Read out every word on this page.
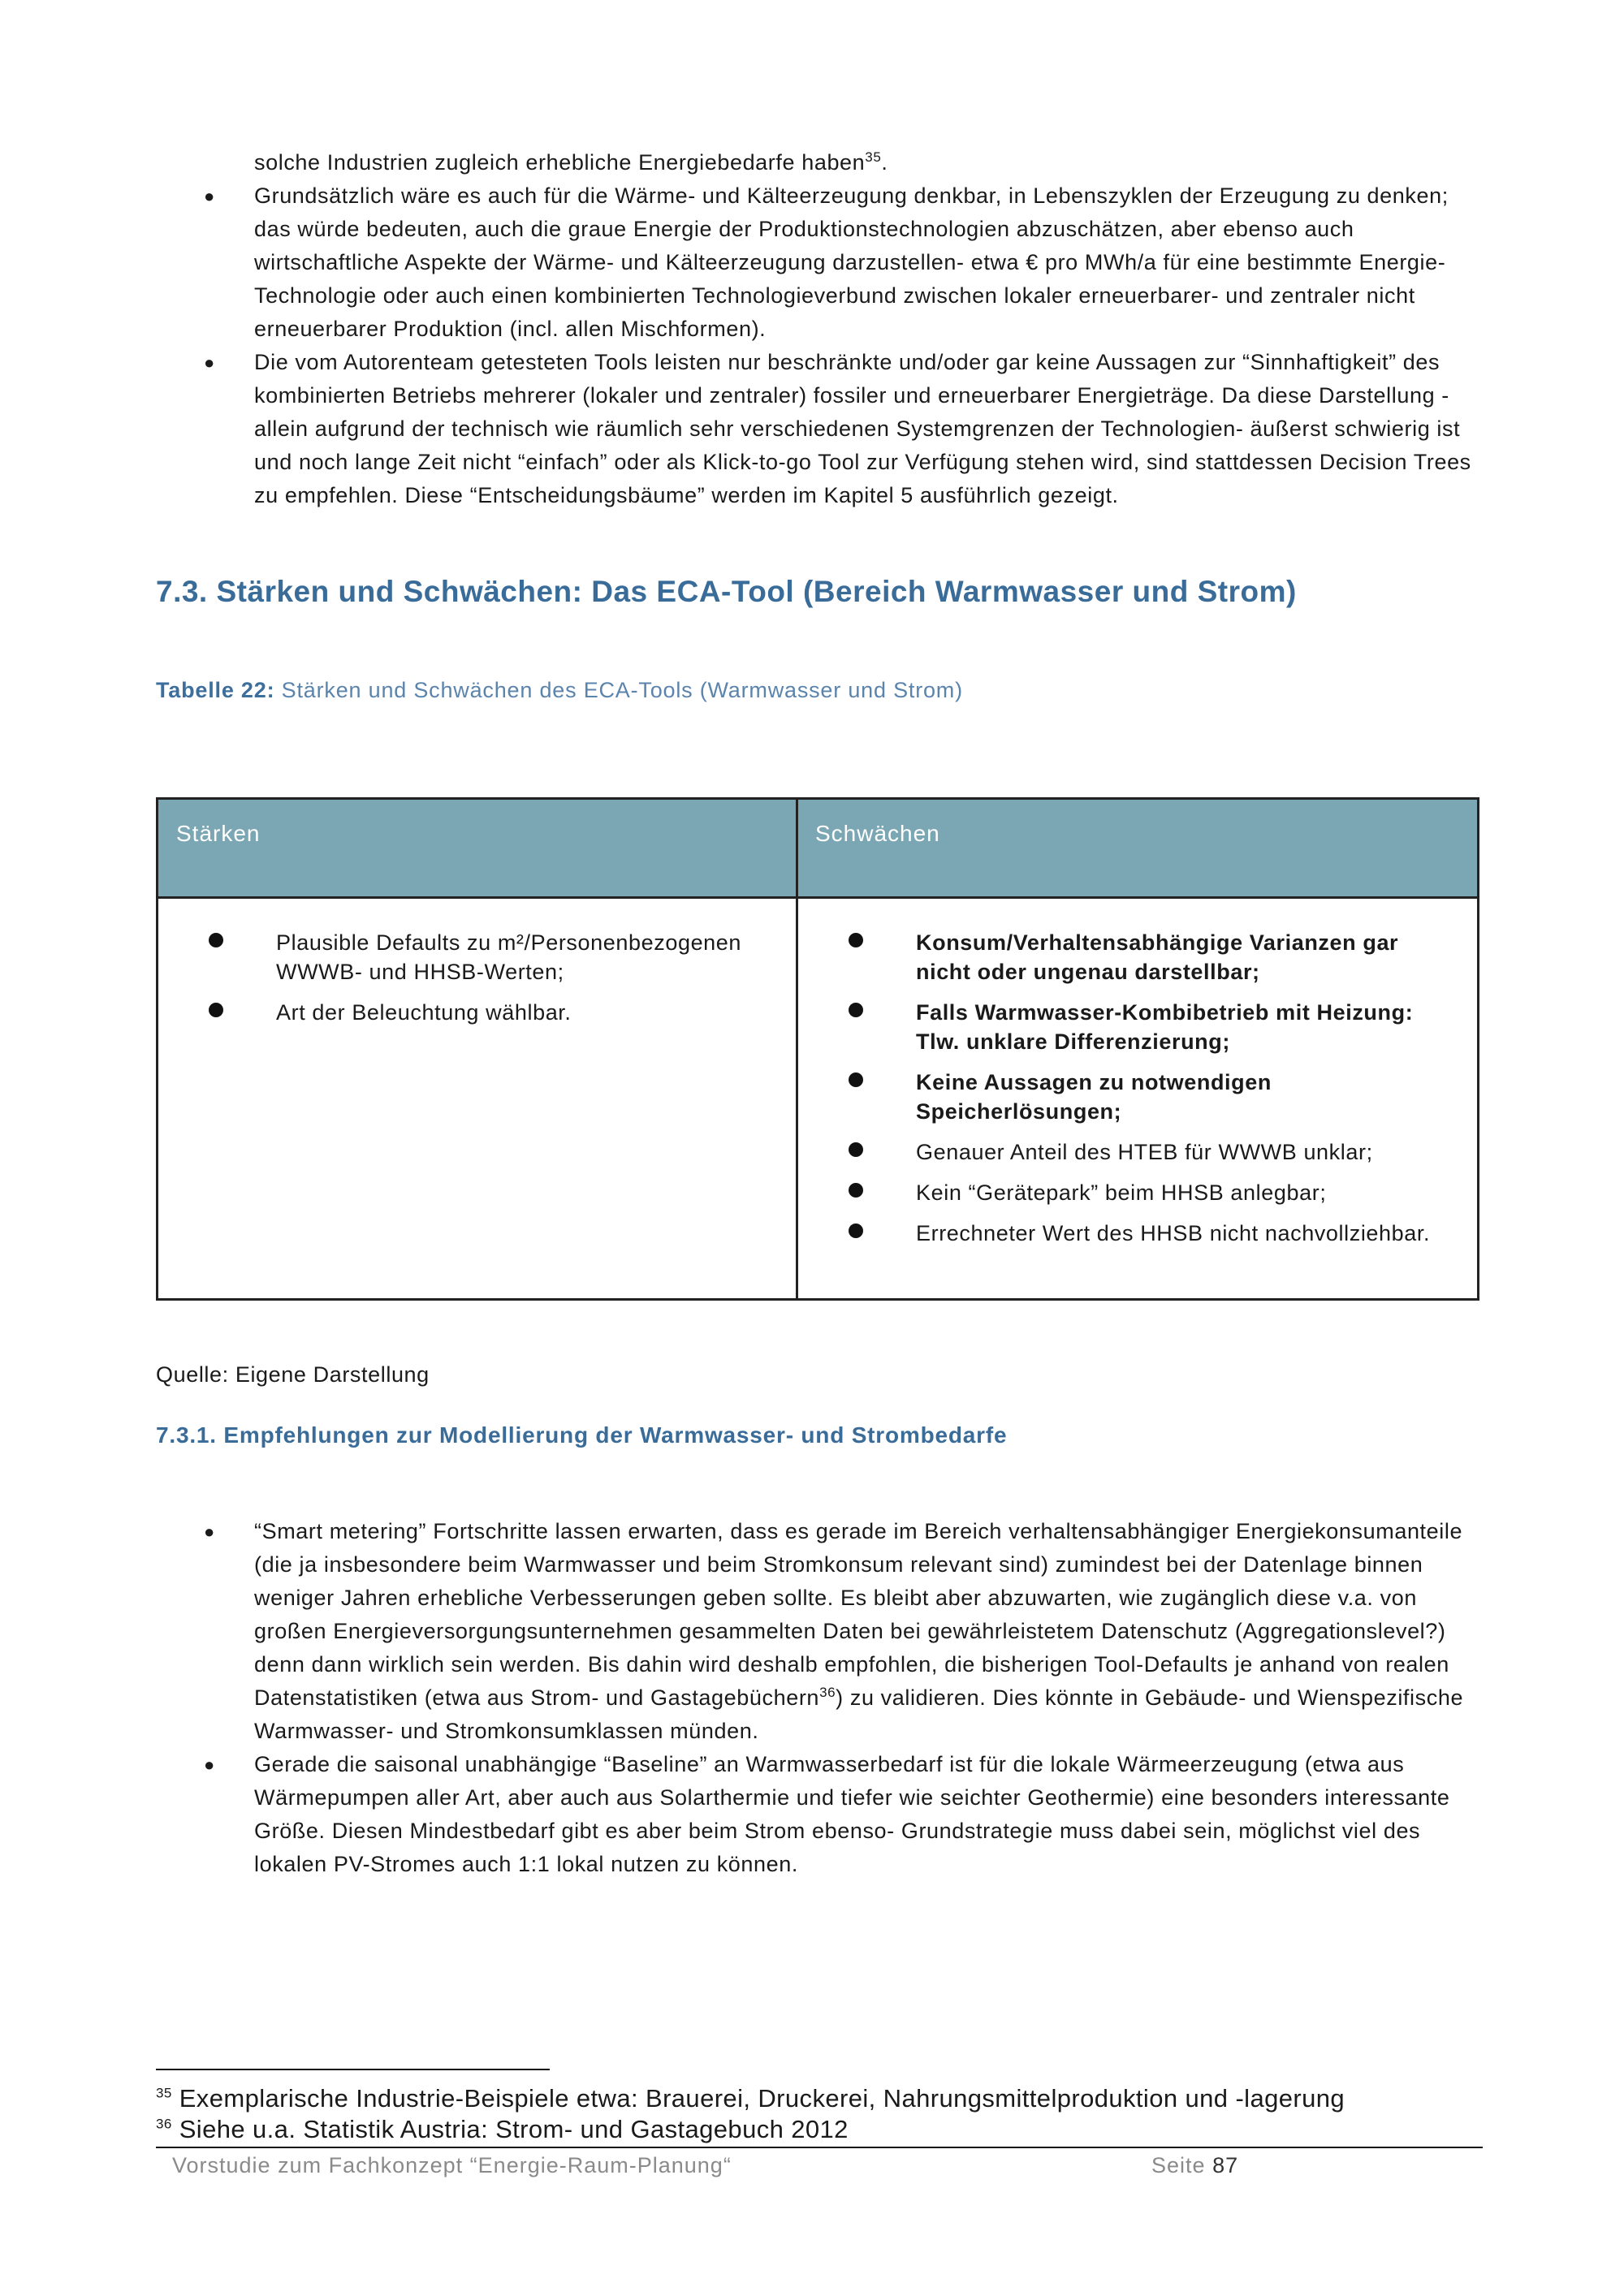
solche Industrien zugleich erhebliche Energiebedarfe haben$^{35}$.
● Grundsätzlich wäre es auch für die Wärme- und Kälteerzeugung denkbar, in Lebenszyklen der Erzeugung zu denken; das würde bedeuten, auch die graue Energie der Produktionstechnologien abzuschätzen, aber ebenso auch wirtschaftliche Aspekte der Wärme- und Kälteerzeugung darzustellen- etwa € pro MWh/a für eine bestimmte Energie-Technologie oder auch einen kombinierten Technologieverbund zwischen lokaler erneuerbarer- und zentraler nicht erneuerbarer Produktion (incl. allen Mischformen).
● Die vom Autorenteam getesteten Tools leisten nur beschränkte und/oder gar keine Aussagen zur “Sinnhaftigkeit” des kombinierten Betriebs mehrerer (lokaler und zentraler) fossiler und erneuerbarer Energieträge. Da diese Darstellung -allein aufgrund der technisch wie räumlich sehr verschiedenen Systemgrenzen der Technologien- äußerst schwierig ist und noch lange Zeit nicht “einfach” oder als Klick-to-go Tool zur Verfügung stehen wird, sind stattdessen Decision Trees zu empfehlen. Diese “Entscheidungsbäume” werden im Kapitel 5 ausführlich gezeigt.
7.3. Stärken und Schwächen: Das ECA-Tool (Bereich Warmwasser und Strom)
Tabelle 22: Stärken und Schwächen des ECA-Tools (Warmwasser und Strom)
Stärken	Schwächen
Plausible Defaults zu m²/Personenbezogenen WWWB- und HHSB-Werten;
Art der Beleuchtung wählbar.
Konsum/Verhaltensabhängige Varianzen gar nicht oder ungenau darstellbar;
Falls Warmwasser-Kombibetrieb mit Heizung: Tlw. unklare Differenzierung;
Keine Aussagen zu notwendigen Speicherlösungen;
Genauer Anteil des HTEB für WWWB unklar;
Kein “Gerätepark” beim HHSB anlegbar;
Errechneter Wert des HHSB nicht nachvollziehbar.
Quelle: Eigene Darstellung
7.3.1. Empfehlungen zur Modellierung der Warmwasser- und Strombedarfe
● “Smart metering” Fortschritte lassen erwarten, dass es gerade im Bereich verhaltensabhängiger Energiekonsumanteile (die ja insbesondere beim Warmwasser und beim Stromkonsum relevant sind) zumindest bei der Datenlage binnen weniger Jahren erhebliche Verbesserungen geben sollte. Es bleibt aber abzuwarten, wie zugänglich diese v.a. von großen Energieversorgungsunternehmen gesammelten Daten bei gewährleistetem Datenschutz (Aggregationslevel?) denn dann wirklich sein werden. Bis dahin wird deshalb empfohlen, die bisherigen Tool-Defaults je anhand von realen Datenstatistiken (etwa aus Strom- und Gastagebüchern$^{36}$) zu validieren. Dies könnte in Gebäude- und Wienspezifische Warmwasser- und Stromkonsumklassen münden.
● Gerade die saisonal unabhängige “Baseline” an Warmwasserbedarf ist für die lokale Wärmeerzeugung (etwa aus Wärmepumpen aller Art, aber auch aus Solarthermie und tiefer wie seichter Geothermie) eine besonders interessante Größe. Diesen Mindestbedarf gibt es aber beim Strom ebenso- Grundstrategie muss dabei sein, möglichst viel des lokalen PV-Stromes auch 1:1 lokal nutzen zu können.
$^{35}$ Exemplarische Industrie-Beispiele etwa: Brauerei, Druckerei, Nahrungsmittelproduktion und -lagerung
$^{36}$ Siehe u.a. Statistik Austria: Strom- und Gastagebuch 2012
Vorstudie zum Fachkonzept “Energie-Raum-Planung“	Seite 87
